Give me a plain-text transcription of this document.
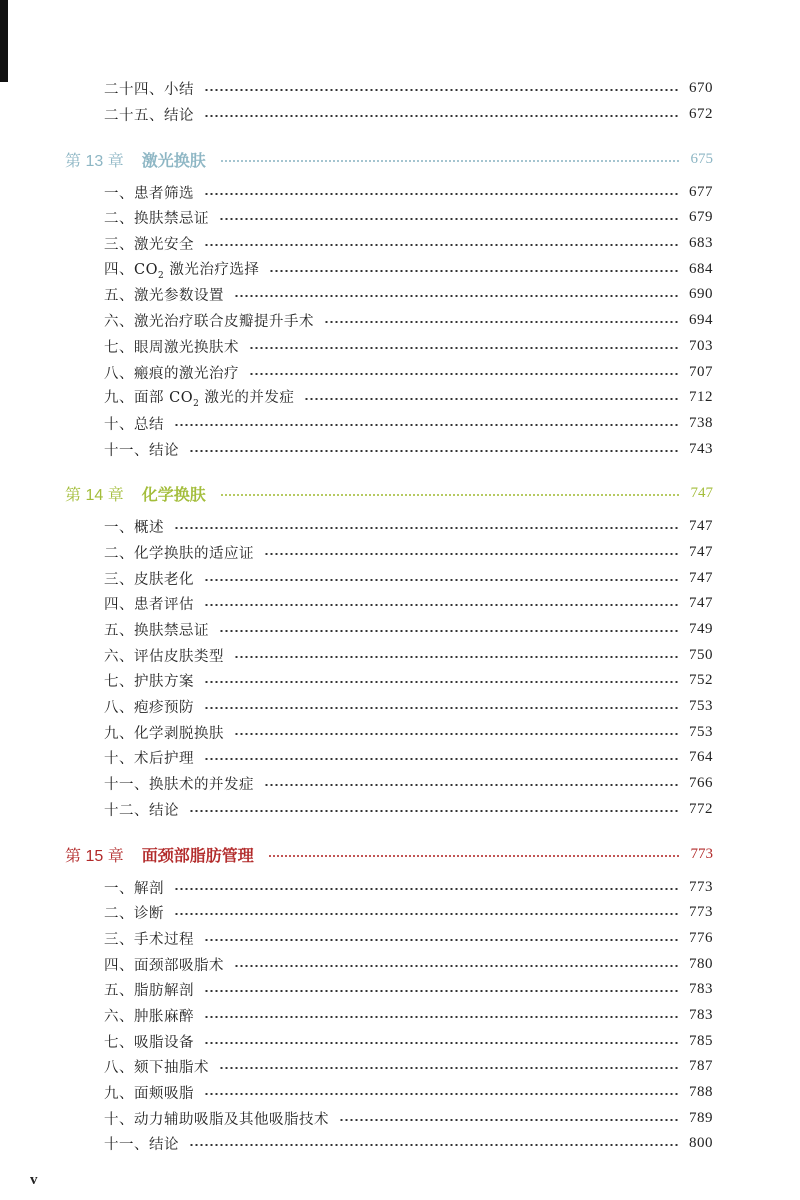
二十四、小结	670
二十五、结论	672
第 13 章	激光换肤	675
一、患者筛选	677
二、换肤禁忌证	679
三、激光安全	683
四、$CO_2$ 激光治疗选择	684
五、激光参数设置	690
六、激光治疗联合皮瓣提升手术	694
七、眼周激光换肤术	703
八、瘢痕的激光治疗	707
九、面部 $CO_2$ 激光的并发症	712
十、总结	738
十一、结论	743
第 14 章	化学换肤	747
一、概述	747
二、化学换肤的适应证	747
三、皮肤老化	747
四、患者评估	747
五、换肤禁忌证	749
六、评估皮肤类型	750
七、护肤方案	752
八、疱疹预防	753
九、化学剥脱换肤	753
十、术后护理	764
十一、换肤术的并发症	766
十二、结论	772
第 15 章	面颈部脂肪管理	773
一、解剖	773
二、诊断	773
三、手术过程	776
四、面颈部吸脂术	780
五、脂肪解剖	783
六、肿胀麻醉	783
七、吸脂设备	785
八、颏下抽脂术	787
九、面颊吸脂	788
十、动力辅助吸脂及其他吸脂技术	789
十一、结论	800
v
